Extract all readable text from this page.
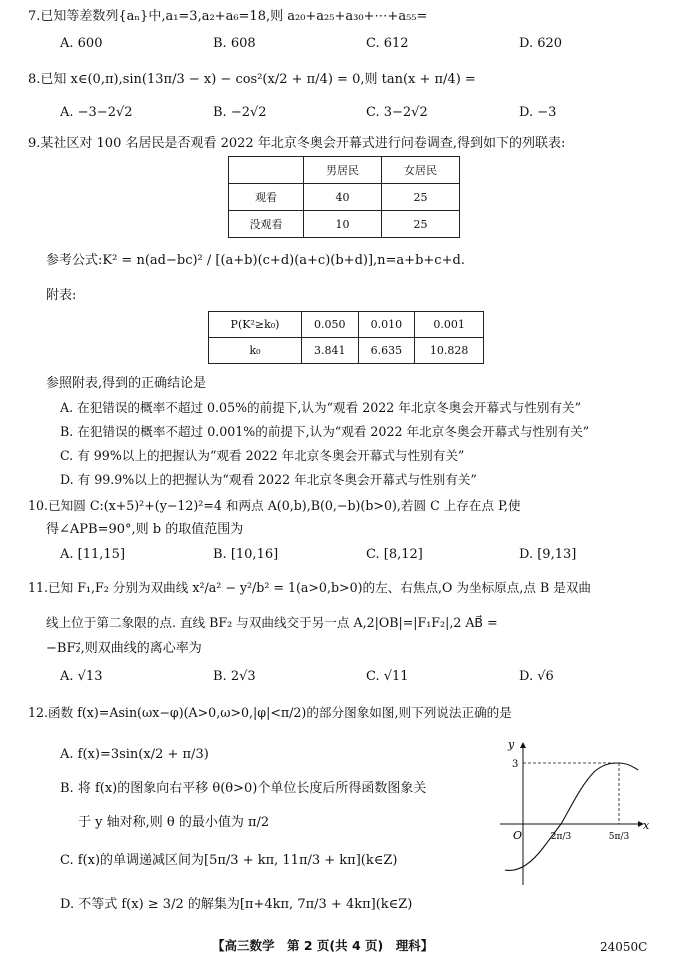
7.已知等差数列{aₙ}中,a₁=3,a₂+a₆=18,则 a₂₀+a₂₅+a₃₀+⋯+a₅₅=
A. 600	B. 608	C. 612	D. 620
8.已知 x∈(0,π),sin(13π/3 − x) − cos²(x/2 + π/4) = 0,则 tan(x + π/4) =
A. −3−2√2	B. −2√2	C. 3−2√2	D. −3
9.某社区对 100 名居民是否观看 2022 年北京冬奥会开幕式进行问卷调查,得到如下的列联表:
	男居民	女居民
观看	40	25
没观看	10	25
参考公式:K² = n(ad−bc)² / [(a+b)(c+d)(a+c)(b+d)],n=a+b+c+d.
附表:
P(K²≥k₀)	0.050	0.010	0.001
k₀	3.841	6.635	10.828
参照附表,得到的正确结论是
A. 在犯错误的概率不超过 0.05%的前提下,认为“观看 2022 年北京冬奥会开幕式与性别有关”
B. 在犯错误的概率不超过 0.001%的前提下,认为“观看 2022 年北京冬奥会开幕式与性别有关”
C. 有 99%以上的把握认为“观看 2022 年北京冬奥会开幕式与性别有关”
D. 有 99.9%以上的把握认为“观看 2022 年北京冬奥会开幕式与性别有关”
10.已知圆 C:(x+5)²+(y−12)²=4 和两点 A(0,b),B(0,−b)(b>0),若圆 C 上存在点 P,使
得∠APB=90°,则 b 的取值范围为
A. [11,15]	B. [10,16]	C. [8,12]	D. [9,13]
11.已知 F₁,F₂ 分别为双曲线 x²/a² − y²/b² = 1(a>0,b>0)的左、右焦点,O 为坐标原点,点 B 是双曲
线上位于第二象限的点. 直线 BF₂ 与双曲线交于另一点 A,2|OB|=|F₁F₂|,2 AB⃗ =
−BF₂⃗,则双曲线的离心率为
A. √13	B. 2√3	C. √11	D. √6
12.函数 f(x)=Asin(ωx−φ)(A>0,ω>0,|φ|<π/2)的部分图象如图,则下列说法正确的是
A. f(x)=3sin(x/2 + π/3)
B. 将 f(x)的图象向右平移 θ(θ>0)个单位长度后所得函数图象关
于 y 轴对称,则 θ 的最小值为 π/2
C. f(x)的单调递减区间为[5π/3 + kπ, 11π/3 + kπ](k∈Z)
D. 不等式 f(x) ≥ 3/2 的解集为[π+4kπ, 7π/3 + 4kπ](k∈Z)
y
x
O
3
2π/3	5π/3
【高三数学　第 2 页(共 4 页)　理科】	24050C
